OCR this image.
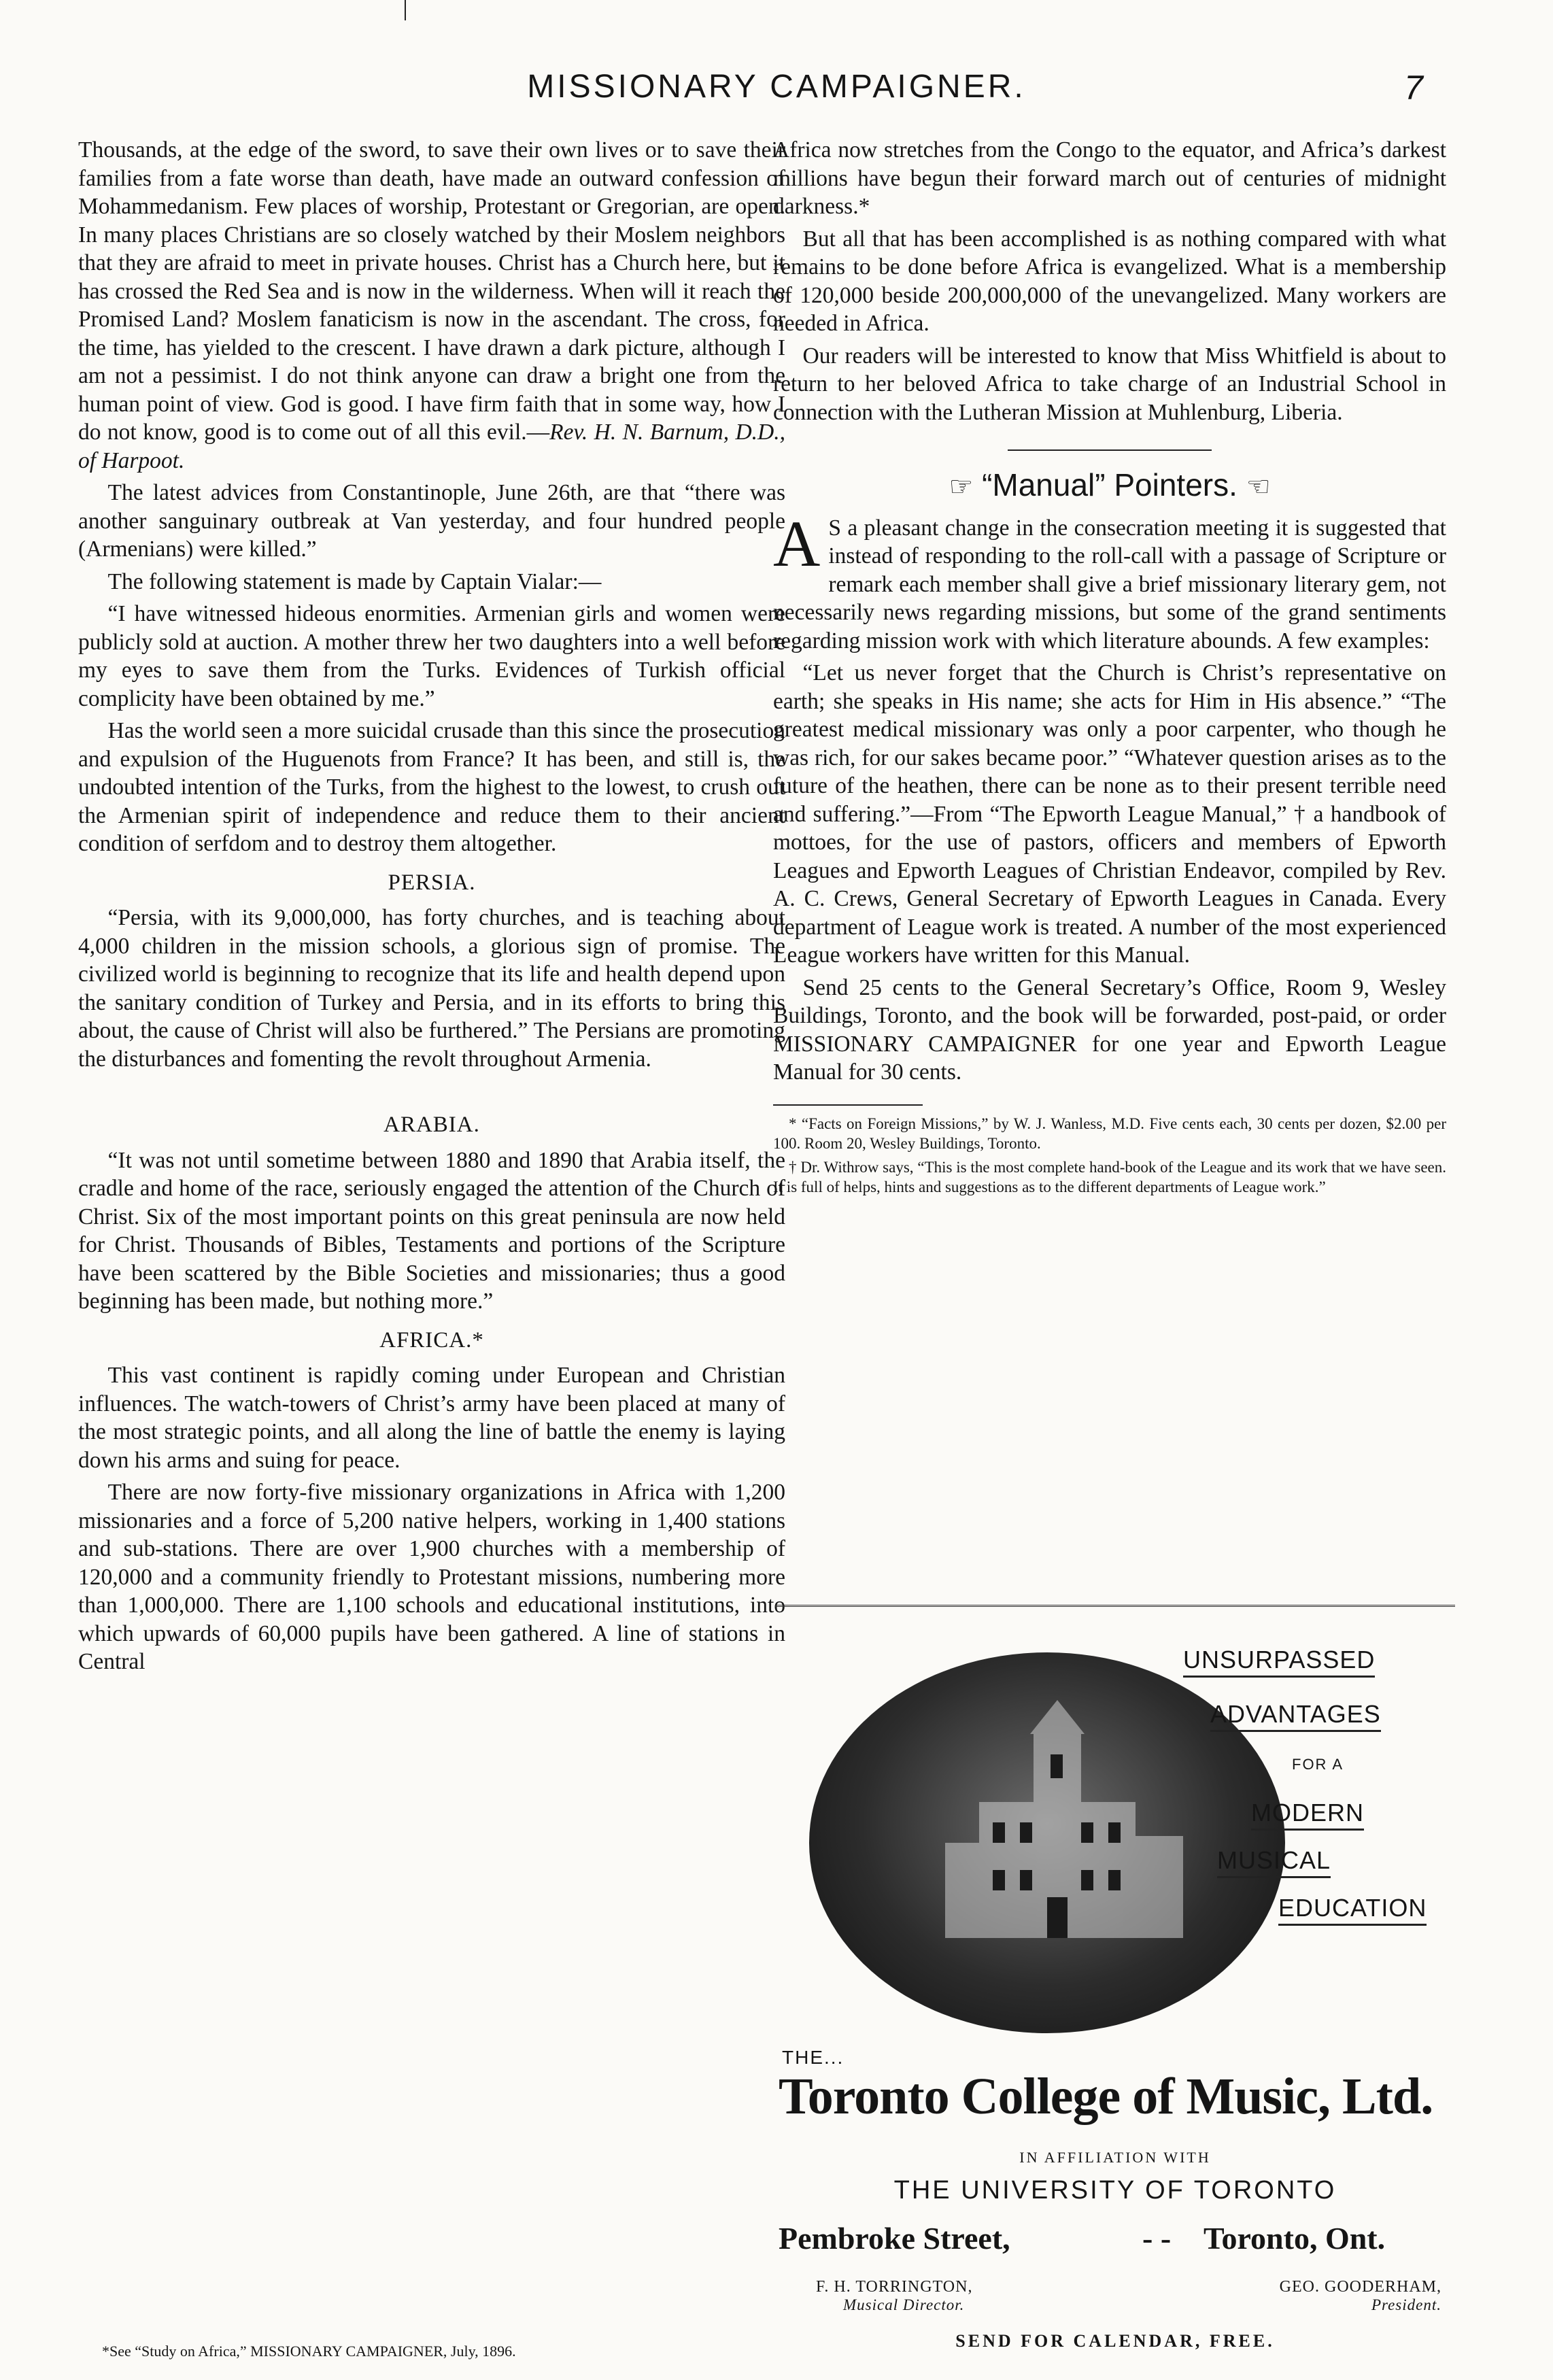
MISSIONARY CAMPAIGNER.	7

Thousands, at the edge of the sword, to save their own lives or to save their families from a fate worse than death, have made an outward confession of Mohammedanism. Few places of worship, Protestant or Gregorian, are open. In many places Christians are so closely watched by their Moslem neighbors that they are afraid to meet in private houses. Christ has a Church here, but it has crossed the Red Sea and is now in the wilderness. When will it reach the Promised Land? Moslem fanaticism is now in the ascendant. The cross, for the time, has yielded to the crescent. I have drawn a dark picture, although I am not a pessimist. I do not think anyone can draw a bright one from the human point of view. God is good. I have firm faith that in some way, how I do not know, good is to come out of all this evil.—Rev. H. N. Barnum, D.D., of Harpoot.

The latest advices from Constantinople, June 26th, are that “there was another sanguinary outbreak at Van yesterday, and four hundred people (Armenians) were killed.”

The following statement is made by Captain Vialar:—

“I have witnessed hideous enormities. Armenian girls and women were publicly sold at auction. A mother threw her two daughters into a well before my eyes to save them from the Turks. Evidences of Turkish official complicity have been obtained by me.”

Has the world seen a more suicidal crusade than this since the prosecution and expulsion of the Huguenots from France? It has been, and still is, the undoubted intention of the Turks, from the highest to the lowest, to crush out the Armenian spirit of independence and reduce them to their ancient condition of serfdom and to destroy them altogether.

PERSIA.

“Persia, with its 9,000,000, has forty churches, and is teaching about 4,000 children in the mission schools, a glorious sign of promise. The civilized world is beginning to recognize that its life and health depend upon the sanitary condition of Turkey and Persia, and in its efforts to bring this about, the cause of Christ will also be furthered.” The Persians are promoting the disturbances and fomenting the revolt throughout Armenia.

ARABIA.

“It was not until sometime between 1880 and 1890 that Arabia itself, the cradle and home of the race, seriously engaged the attention of the Church of Christ. Six of the most important points on this great peninsula are now held for Christ. Thousands of Bibles, Testaments and portions of the Scripture have been scattered by the Bible Societies and missionaries; thus a good beginning has been made, but nothing more.”

AFRICA.*

This vast continent is rapidly coming under European and Christian influences. The watch-towers of Christ’s army have been placed at many of the most strategic points, and all along the line of battle the enemy is laying down his arms and suing for peace.

There are now forty-five missionary organizations in Africa with 1,200 missionaries and a force of 5,200 native helpers, working in 1,400 stations and sub-stations. There are over 1,900 churches with a membership of 120,000 and a community friendly to Protestant missions, numbering more than 1,000,000. There are 1,100 schools and educational institutions, into which upwards of 60,000 pupils have been gathered. A line of stations in Central

*See “Study on Africa,” MISSIONARY CAMPAIGNER, July, 1896.

Africa now stretches from the Congo to the equator, and Africa’s darkest millions have begun their forward march out of centuries of midnight darkness.*

But all that has been accomplished is as nothing compared with what remains to be done before Africa is evangelized. What is a membership of 120,000 beside 200,000,000 of the unevangelized. Many workers are needed in Africa.

Our readers will be interested to know that Miss Whitfield is about to return to her beloved Africa to take charge of an Industrial School in connection with the Lutheran Mission at Muhlenburg, Liberia.

☞ “Manual” Pointers. ☜

A S a pleasant change in the consecration meeting it is suggested that instead of responding to the roll-call with a passage of Scripture or remark each member shall give a brief missionary literary gem, not necessarily news regarding missions, but some of the grand sentiments regarding mission work with which literature abounds. A few examples:

“Let us never forget that the Church is Christ’s representative on earth; she speaks in His name; she acts for Him in His absence.” “The greatest medical missionary was only a poor carpenter, who though he was rich, for our sakes became poor.” “Whatever question arises as to the future of the heathen, there can be none as to their present terrible need and suffering.”—From “The Epworth League Manual,” † a handbook of mottoes, for the use of pastors, officers and members of Epworth Leagues and Epworth Leagues of Christian Endeavor, compiled by Rev. A. C. Crews, General Secretary of Epworth Leagues in Canada. Every department of League work is treated. A number of the most experienced League workers have written for this Manual.

Send 25 cents to the General Secretary’s Office, Room 9, Wesley Buildings, Toronto, and the book will be forwarded, post-paid, or order MISSIONARY CAMPAIGNER for one year and Epworth League Manual for 30 cents.

* “Facts on Foreign Missions,” by W. J. Wanless, M.D. Five cents each, 30 cents per dozen, $2.00 per 100. Room 20, Wesley Buildings, Toronto.

† Dr. Withrow says, “This is the most complete hand-book of the League and its work that we have seen. It is full of helps, hints and suggestions as to the different departments of League work.”

UNSURPASSED
ADVANTAGES
FOR A
MODERN
MUSICAL
EDUCATION
THE...
Toronto College of Music, Ltd.
IN AFFILIATION WITH
THE UNIVERSITY OF TORONTO
Pembroke Street,	- - Toronto, Ont.
F. H. TORRINGTON,
Musical Director.
GEO. GOODERHAM,
President.
SEND FOR CALENDAR, FREE.
